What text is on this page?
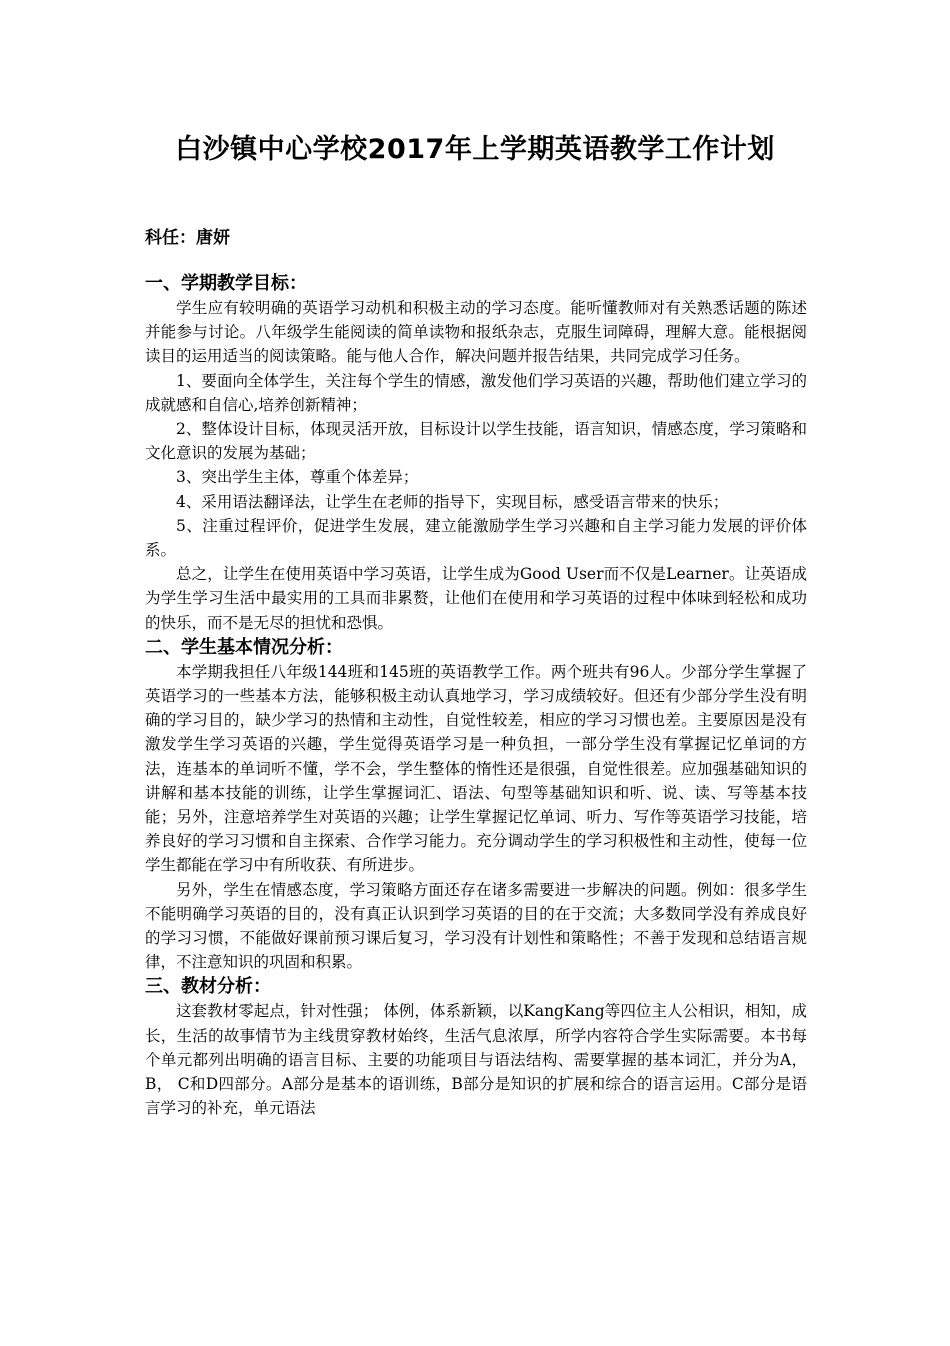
白沙镇中心学校2017年上学期英语教学工作计划
科任：唐妍
一、学期教学目标：

学生应有较明确的英语学习动机和积极主动的学习态度。能听懂教师对有关熟悉话题的陈述并能参与讨论。八年级学生能阅读的简单读物和报纸杂志，克服生词障碍，理解大意。能根据阅读目的运用适当的阅读策略。能与他人合作，解决问题并报告结果，共同完成学习任务。

1、要面向全体学生，关注每个学生的情感，激发他们学习英语的兴趣，帮助他们建立学习的成就感和自信心,培养创新精神；

2、整体设计目标，体现灵活开放，目标设计以学生技能，语言知识，情感态度，学习策略和文化意识的发展为基础；

3、突出学生主体，尊重个体差异；

4、采用语法翻译法，让学生在老师的指导下，实现目标，感受语言带来的快乐；

5、注重过程评价，促进学生发展，建立能激励学生学习兴趣和自主学习能力发展的评价体系。

总之，让学生在使用英语中学习英语，让学生成为Good User而不仅是Learner。让英语成为学生学习生活中最实用的工具而非累赘，让他们在使用和学习英语的过程中体味到轻松和成功的快乐，而不是无尽的担忧和恐惧。

二、学生基本情况分析：

本学期我担任八年级144班和145班的英语教学工作。两个班共有96人。少部分学生掌握了英语学习的一些基本方法，能够积极主动认真地学习，学习成绩较好。但还有少部分学生没有明确的学习目的，缺少学习的热情和主动性，自觉性较差，相应的学习习惯也差。主要原因是没有激发学生学习英语的兴趣，学生觉得英语学习是一种负担，一部分学生没有掌握记忆单词的方法，连基本的单词听不懂，学不会，学生整体的惰性还是很强，自觉性很差。应加强基础知识的讲解和基本技能的训练，让学生掌握词汇、语法、句型等基础知识和听、说、读、写等基本技能；另外，注意培养学生对英语的兴趣；让学生掌握记忆单词、听力、写作等英语学习技能，培养良好的学习习惯和自主探索、合作学习能力。充分调动学生的学习积极性和主动性，使每一位学生都能在学习中有所收获、有所进步。

另外，学生在情感态度，学习策略方面还存在诸多需要进一步解决的问题。例如：很多学生不能明确学习英语的目的，没有真正认识到学习英语的目的在于交流；大多数同学没有养成良好的学习习惯，不能做好课前预习课后复习，学习没有计划性和策略性；不善于发现和总结语言规律，不注意知识的巩固和积累。

三、教材分析：

这套教材零起点，针对性强； 体例，体系新颖，以KangKang等四位主人公相识，相知，成长，生活的故事情节为主线贯穿教材始终，生活气息浓厚，所学内容符合学生实际需要。本书每个单元都列出明确的语言目标、主要的功能项目与语法结构、需要掌握的基本词汇，并分为A，B， C和D四部分。A部分是基本的语训练，B部分是知识的扩展和综合的语言运用。C部分是语言学习的补充，单元语法
